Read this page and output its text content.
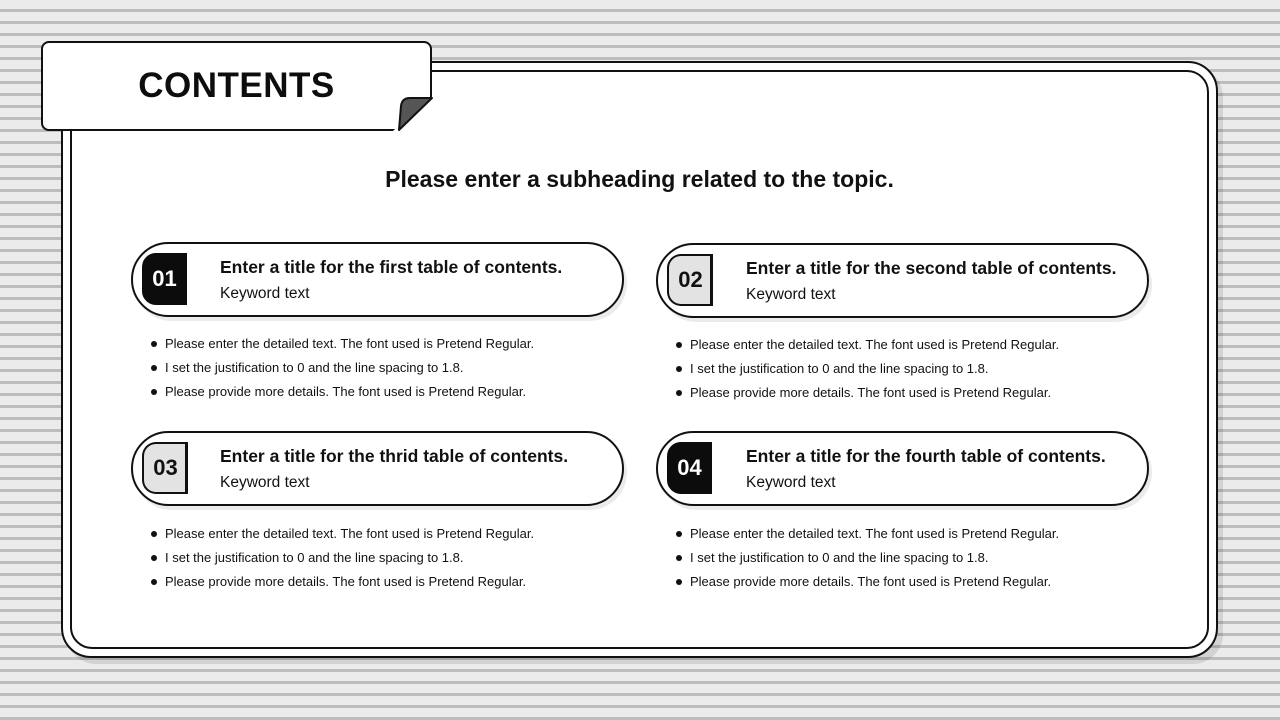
CONTENTS
Please enter a subheading related to the topic.
01	Enter a title for the first table of contents.
Keyword text
Please enter the detailed text. The font used is Pretend Regular.
I set the justification to 0 and the line spacing to 1.8.
Please provide more details. The font used is Pretend Regular.
02	Enter a title for the second table of contents.
Keyword text
Please enter the detailed text. The font used is Pretend Regular.
I set the justification to 0 and the line spacing to 1.8.
Please provide more details. The font used is Pretend Regular.
03	Enter a title for the thrid table of contents.
Keyword text
Please enter the detailed text. The font used is Pretend Regular.
I set the justification to 0 and the line spacing to 1.8.
Please provide more details. The font used is Pretend Regular.
04	Enter a title for the fourth table of contents.
Keyword text
Please enter the detailed text. The font used is Pretend Regular.
I set the justification to 0 and the line spacing to 1.8.
Please provide more details. The font used is Pretend Regular.
